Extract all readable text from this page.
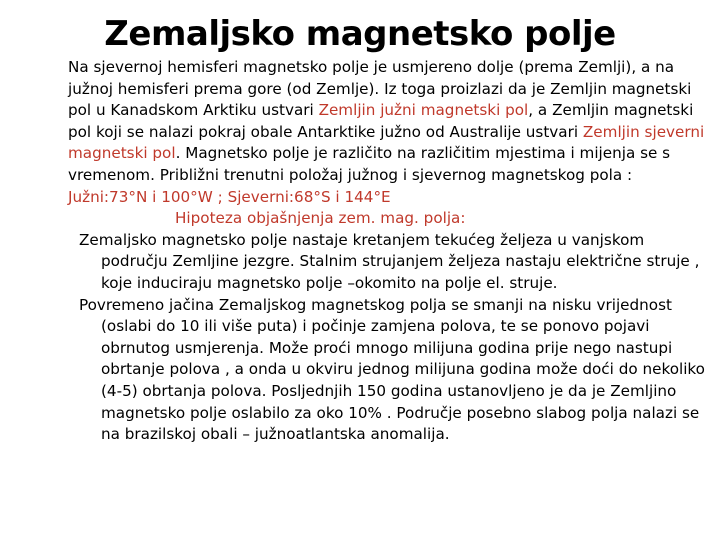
Zemaljsko magnetsko polje

Na sjevernoj hemisferi magnetsko polje je usmjereno dolje (prema Zemlji), a na južnoj hemisferi prema gore (od Zemlje). Iz toga proizlazi da je Zemljin magnetski pol u Kanadskom Arktiku ustvari Zemljin južni magnetski pol, a Zemljin magnetski pol koji se nalazi pokraj obale Antarktike južno od Australije ustvari Zemljin sjeverni magnetski pol. Magnetsko polje je različito na različitim mjestima i mijenja se s vremenom. Približni trenutni položaj južnog i sjevernog magnetskog pola : Južni:73°N i 100°W ; Sjeverni:68°S i 144°E

Hipoteza objašnjenja zem. mag. polja:

Zemaljsko magnetsko polje nastaje kretanjem tekućeg željeza u vanjskom području Zemljine jezgre. Stalnim strujanjem željeza nastaju električne struje , koje induciraju magnetsko polje –okomito na polje el. struje.

Povremeno jačina Zemaljskog magnetskog polja se smanji na nisku vrijednost (oslabi do 10 ili više puta) i počinje zamjena polova, te se ponovo pojavi obrnutog usmjerenja. Može proći mnogo milijuna godina prije nego nastupi obrtanje polova , a onda u okviru jednog milijuna godina može doći do nekoliko (4-5) obrtanja polova. Posljednjih 150 godina ustanovljeno je da je Zemljino magnetsko polje oslabilo za oko 10% . Područje posebno slabog polja nalazi se na brazilskoj obali – južnoatlantska anomalija.
